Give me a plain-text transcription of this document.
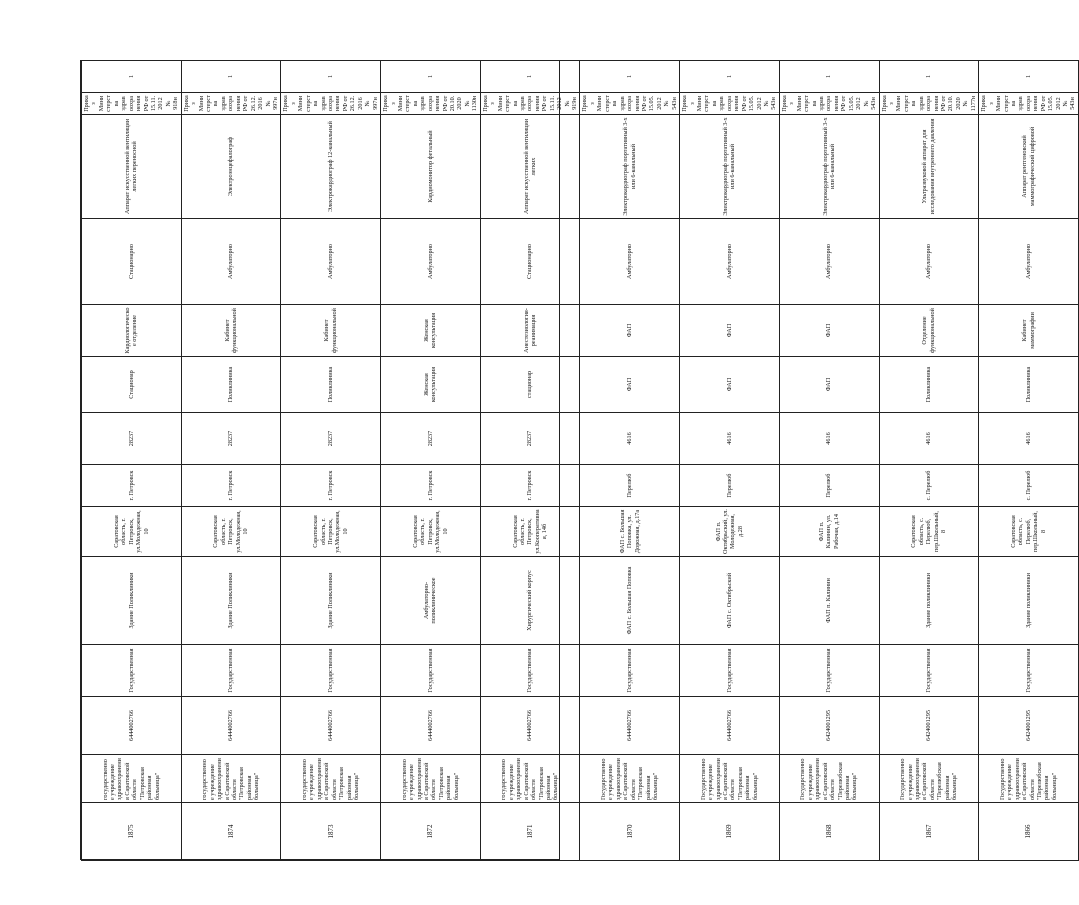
1875	государственное учреждение здравоохранения Саратовской области "Петровская районная больница"	6444002766	Государственная	Здание Поликлиники	Саратовская область, г. Петровск, ул.Молодежная,10	г. Петровск	28237	Стационар	Кардиологическое отделение	Стационарно	Аппарат искусственной вентиляции легких переносной	Приказ Министерства здравоохранения РФ от 15.11.2012 № 918н	1	
1874	государственное учреждение здравоохранения Саратовской области "Петровская районная больница"	6444002766	Государственная	Здание Поликлиники	Саратовская область, г. Петровск, ул.Молодежная,10	г. Петровск	28237	Поликлиника	Кабинет функциональной	Амбулаторно	Электроэнцефалограф	Приказ Министерства здравоохранения РФ от 26.12.2016 № 997н	1	
1873	государственное учреждение здравоохранения Саратовской области "Петровская районная больница"	6444002766	Государственная	Здание Поликлиники	Саратовская область, г. Петровск, ул.Молодежная,10	г. Петровск	28237	Поликлиника	Кабинет функциональной	Амбулаторно	Электрокардиограф 12-канальный	Приказ Министерства здравоохранения РФ от 26.12.2016 № 997н	1	
1872	государственное учреждение здравоохранения Саратовской области "Петровская районная больница"	6444002766	Государственная	Амбулаторно-поликлиническое	Саратовская область, г. Петровск, ул.Молодежная,10	г. Петровск	28237	Женская консультация	Женская консультация	Амбулаторно	Кардиомонитор фетальный	Приказ Министерства здравоохранения РФ от 20.10.2020 № 1130н	1	
1871	государственное учреждение здравоохранения Саратовской области "Петровская районная больница"	6444002766	Государственная	Хирургический корпус	Саратовская область, г. Петровск, ул.Кооперативная, 14б	г. Петровск	28237	стационар	Анестезиология-реанимация	Стационарно	Аппарат искусственной вентиляции легких	Приказ Министерства здравоохранения РФ от 15.11.2012 № 919н	1	
1870	Государственное учреждение здравоохранения Саратовской области "Петровская районная больница"	6444002766	Государственная	ФАП с. Большая Поповка	ФАП с. Большая Поповка, ул. Дорожная, д.17а	Перелюб	4616	ФАП	ФАП	Амбулаторно	Электрокардиограф портативный 3-х или 6-канальный	Приказ Министерства здравоохранения РФ от 15.05.2012 № 543н	1	
1869	Государственное учреждение здравоохранения Саратовской области "Петровская районная больница"	6444002766	Государственная	ФАП с. Октябрьский	ФАП п. Октябрьский, ул. Молодежная, д.28	Перелюб	4616	ФАП	ФАП	Амбулаторно	Электрокардиограф портативный 3-х или 6-канальный	Приказ Министерства здравоохранения РФ от 15.05.2012 № 543н	1	
1868	Государственное учреждение здравоохранения Саратовской области "Перелюбская районная больница"	6424001295	Государственная	ФАП п. Калинин	ФАП п. Калинин, ул. Рабочая, д.14	Перелюб	4616	ФАП	ФАП	Амбулаторно	Электрокардиограф портативный 3-х или 6-канальный	Приказ Министерства здравоохранения РФ от 15.05.2012 № 543н	1	
1867	Государственное учреждение здравоохранения Саратовской области "Перелюбская районная больница"	6424001295	Государственная	Здание поликлиники	Саратовская область, с. Перелюб, пер.Школьный, 8	с. Перелюб	4616	Поликлиника	Отделение функциональной	Амбулаторно	Ультразвуковой аппарат для исследования внутреннего давления	Приказ Министерства здравоохранения РФ от 20.10.2020 № 1177н	1	
1866	Государственное учреждение здравоохранения Саратовской области "Перелюбская районная больница"	6424001295	Государственная	Здание поликлиники	Саратовская область, с. Перелюб, пер.Школьный, 8	с. Перелюб	4616	Поликлиника	Кабинет маммографии	Амбулаторно	Аппарат рентгеновский маммографический цифровой	Приказ Министерства здравоохранения РФ от 15.05.2012 № 543н	1	
